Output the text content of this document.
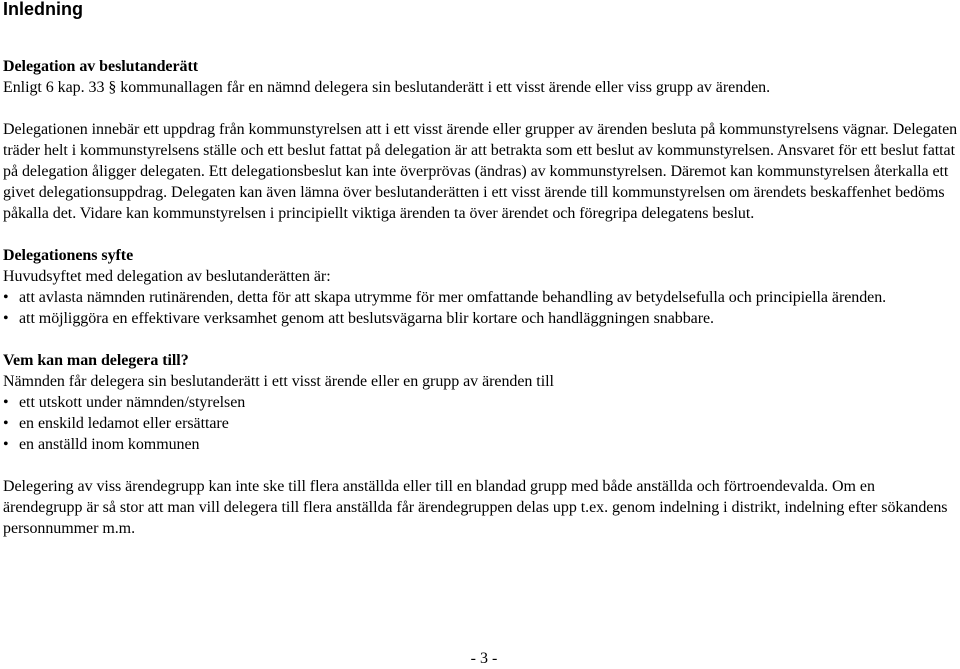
Inledning
Delegation av beslutanderätt

Enligt 6 kap. 33 § kommunallagen får en nämnd delegera sin beslutanderätt i ett visst ärende eller viss grupp av ärenden.

Delegationen innebär ett uppdrag från kommunstyrelsen att i ett visst ärende eller grupper av ärenden besluta på kommunstyrelsens vägnar. Delegaten träder helt i kommunstyrelsens ställe och ett beslut fattat på delegation är att betrakta som ett beslut av kommunstyrelsen. Ansvaret för ett beslut fattat på delegation åligger delegaten. Ett delegationsbeslut kan inte överprövas (ändras) av kommunstyrelsen. Däremot kan kommunstyrelsen återkalla ett givet delegationsuppdrag. Delegaten kan även lämna över beslutanderätten i ett visst ärende till kommunstyrelsen om ärendets beskaffenhet bedöms påkalla det. Vidare kan kommunstyrelsen i principiellt viktiga ärenden ta över ärendet och föregripa delegatens beslut.

Delegationens syfte

Huvudsyftet med delegation av beslutanderätten är:

• att avlasta nämnden rutinärenden, detta för att skapa utrymme för mer omfattande behandling av betydelsefulla och principiella ärenden.
• att möjliggöra en effektivare verksamhet genom att beslutsvägarna blir kortare och handläggningen snabbare.
Vem kan man delegera till?

Nämnden får delegera sin beslutanderätt i ett visst ärende eller en grupp av ärenden till

• ett utskott under nämnden/styrelsen
• en enskild ledamot eller ersättare
• en anställd inom kommunen

Delegering av viss ärendegrupp kan inte ske till flera anställda eller till en blandad grupp med både anställda och förtroendevalda. Om en ärendegrupp är så stor att man vill delegera till flera anställda får ärendegruppen delas upp t.ex. genom indelning i distrikt, indelning efter sökandens personnummer m.m.

- 3 -
